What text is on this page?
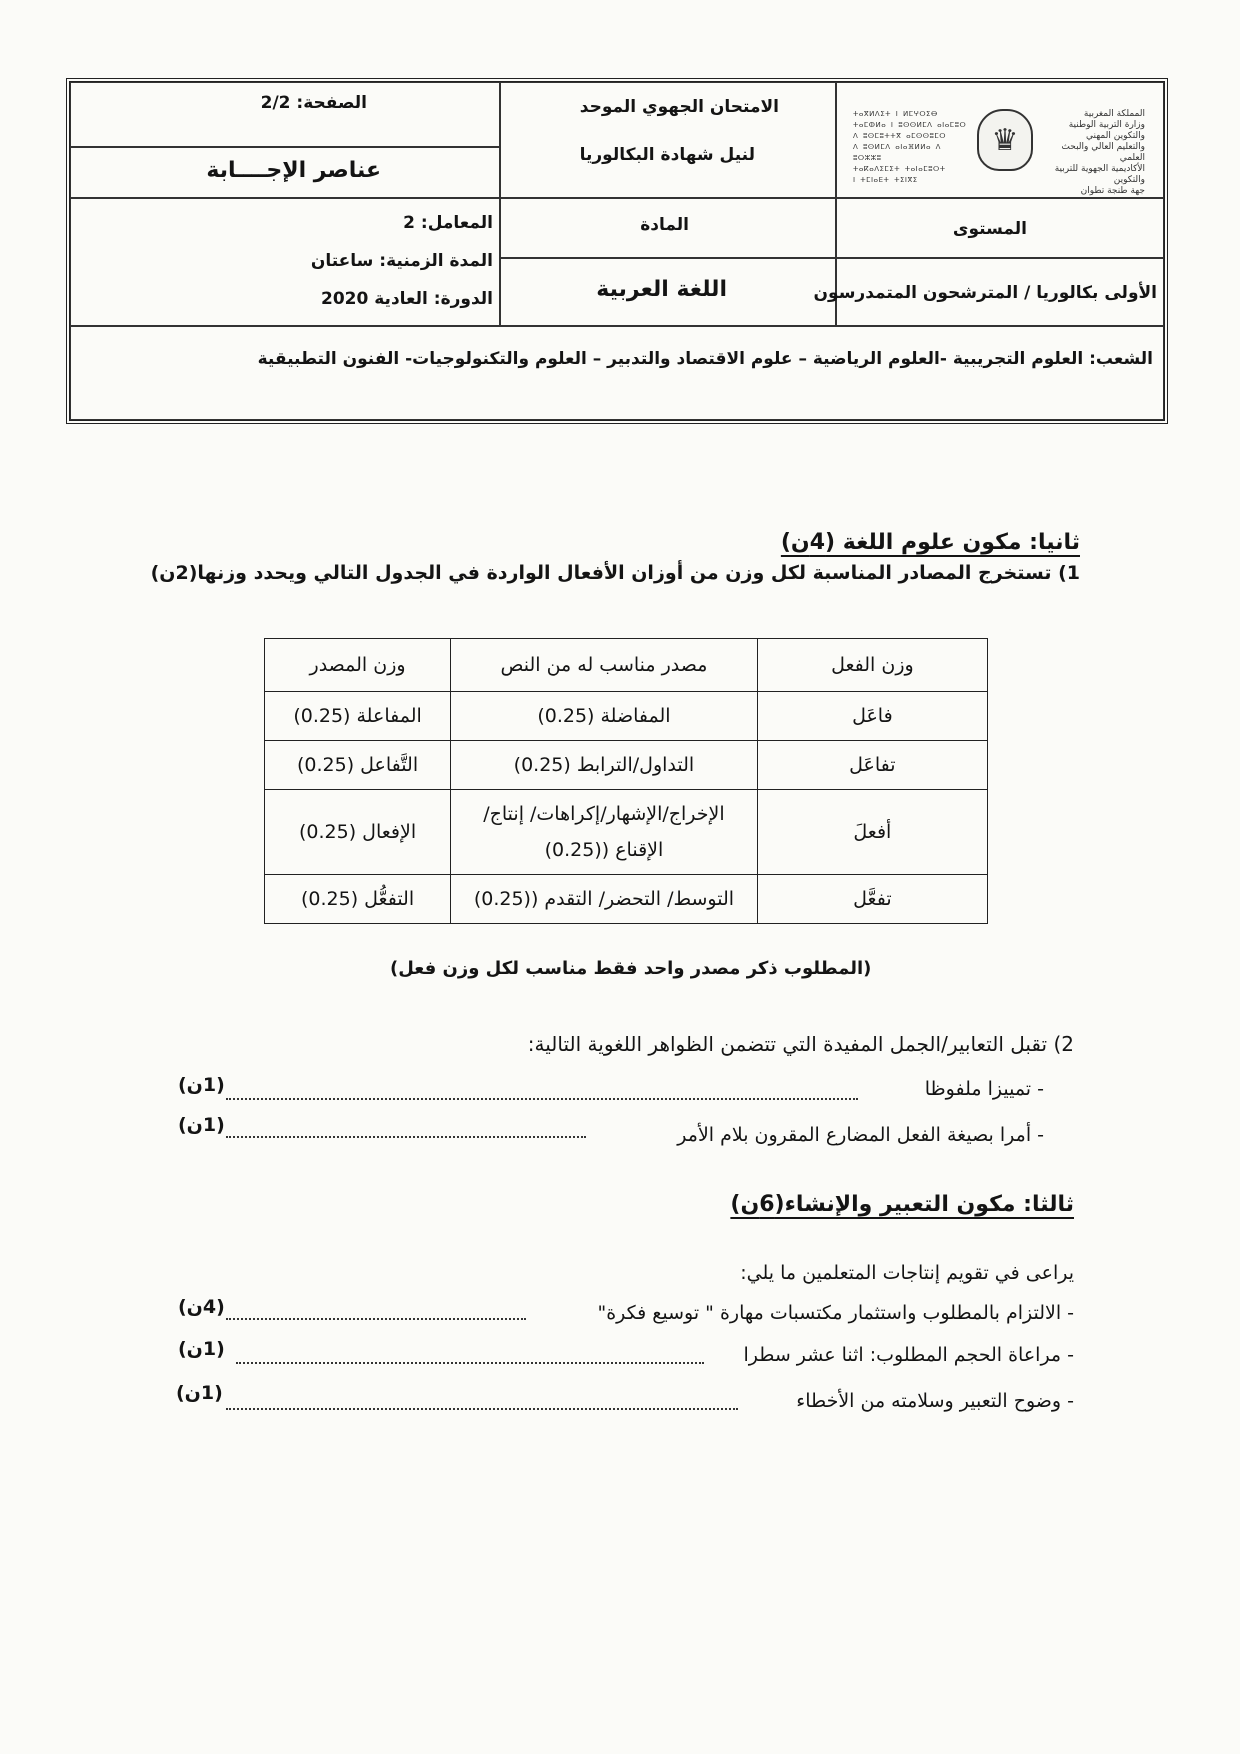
الصفحة: 2/2
عناصر الإجــــابة
الامتحان الجهوي الموحد
لنيل شهادة البكالوريا
ⵜⴰⴳⵍⴷⵉⵜ ⵏ ⵍⵎⵖⵔⵉⴱ
ⵜⴰⵎⵀⵍⴰ ⵏ ⵓⵙⵙⵍⵎⴷ ⴰⵏⴰⵎⵓⵔ
ⴷ ⵓⵙⵎⵓⵜⵜⴳ ⴰⵎⵙⵙⵓⵎⵔ
ⴷ ⵓⵙⵍⵎⴷ ⴰⵏⴰⴼⵍⵍⴰ ⴷ ⵓⵔⵣⵣⵓ
ⵜⴰⴽⴰⴷⵉⵎⵉⵜ ⵜⴰⵏⴰⵎⵓⵔⵜ
ⵏ ⵜⵎⵏⴰⴹⵜ ⵜⵉⵏⴳⵉ
♛
المملكة المغربية
وزارة التربية الوطنية
والتكوين المهني
والتعليم العالي والبحث العلمي
الأكاديمية الجهوية للتربية والتكوين
جهة طنجة تطوان
المعامل: 2
المدة الزمنية: ساعتان
الدورة: العادية 2020
المادة
اللغة العربية
المستوى
الأولى بكالوريا / المترشحون المتمدرسون
الشعب: العلوم التجريبية -العلوم الرياضية – علوم الاقتصاد والتدبير – العلوم والتكنولوجيات- الفنون التطبيقية
ثانيا: مكون علوم اللغة (4ن)
1) تستخرج المصادر المناسبة لكل وزن من أوزان الأفعال الواردة في الجدول التالي ويحدد وزنها(2ن)
وزن الفعل	مصدر مناسب له من النص	وزن المصدر
فاعَل	المفاضلة (0.25)	المفاعلة (0.25)
تفاعَل	التداول/الترابط (0.25)	التَّفاعل (0.25)
أفعلَ	الإخراج/الإشهار/إكراهات/ إنتاج/ الإقناع ((0.25)	الإفعال (0.25)
تفعَّل	التوسط/ التحضر/ التقدم ((0.25)	التفعُّل (0.25)
(المطلوب ذكر مصدر واحد فقط مناسب لكل وزن فعل)
2) تقبل التعابير/الجمل المفيدة التي تتضمن الظواهر اللغوية التالية:
- تمييزا ملفوظا
(1ن)
- أمرا بصيغة الفعل المضارع المقرون بلام الأمر
(1ن)
ثالثا: مكون التعبير والإنشاء(6ن)
يراعى في تقويم إنتاجات المتعلمين ما يلي:
- الالتزام بالمطلوب واستثمار مكتسبات مهارة " توسيع فكرة"
(4ن)
- مراعاة الحجم المطلوب: اثنا عشر سطرا
(1ن)
- وضوح التعبير وسلامته من الأخطاء
(1ن)
